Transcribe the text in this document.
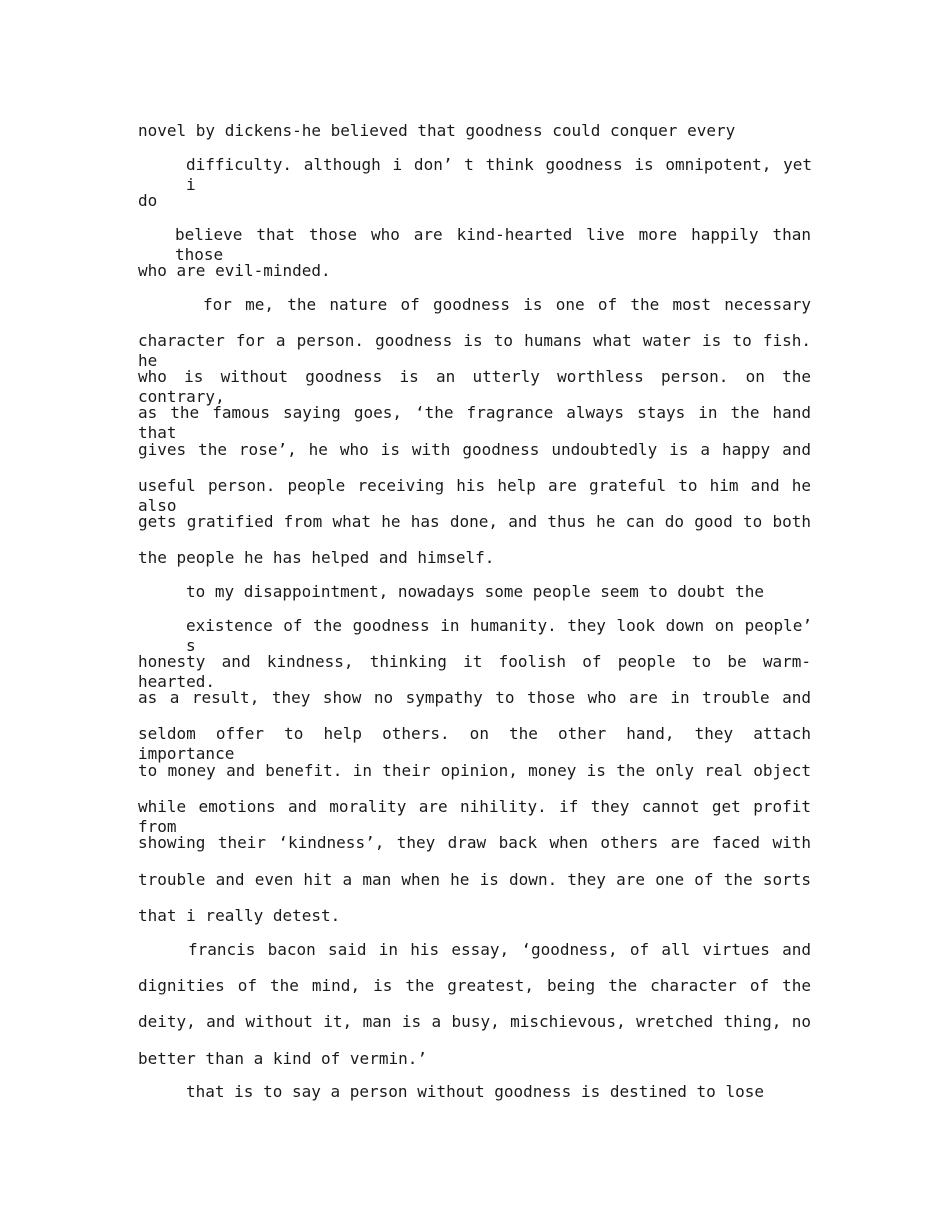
novel by dickens-he believed that goodness could conquer every

difficulty. although i don’ t think goodness is omnipotent, yet i

do

believe that those who are kind-hearted live more happily than those

who are evil-minded.

for me, the nature of goodness is one of the most necessary

character for a person. goodness is to humans what water is to fish. he

who is without goodness is an utterly worthless person. on the contrary,

as the famous saying goes, ‘the fragrance always stays in the hand that

gives the rose’, he who is with goodness undoubtedly is a happy and

useful person. people receiving his help are grateful to him and he also

gets gratified from what he has done, and thus he can do good to both

the people he has helped and himself.

to my disappointment, nowadays some people seem to doubt the

existence of the goodness in humanity. they look down on people’ s

honesty and kindness, thinking it foolish of people to be warm-hearted.

as a result, they show no sympathy to those who are in trouble and

seldom offer to help others. on the other hand, they attach importance

to money and benefit. in their opinion, money is the only real object

while emotions and morality are nihility. if they cannot get profit from

showing their ‘kindness’, they draw back when others are faced with

trouble and even hit a man when he is down. they are one of the sorts

that i really detest.

francis bacon said in his essay, ‘goodness, of all virtues and

dignities of the mind, is the greatest, being the character of the

deity, and without it, man is a busy, mischievous, wretched thing, no

better than a kind of vermin.’

that is to say a person without goodness is destined to lose
